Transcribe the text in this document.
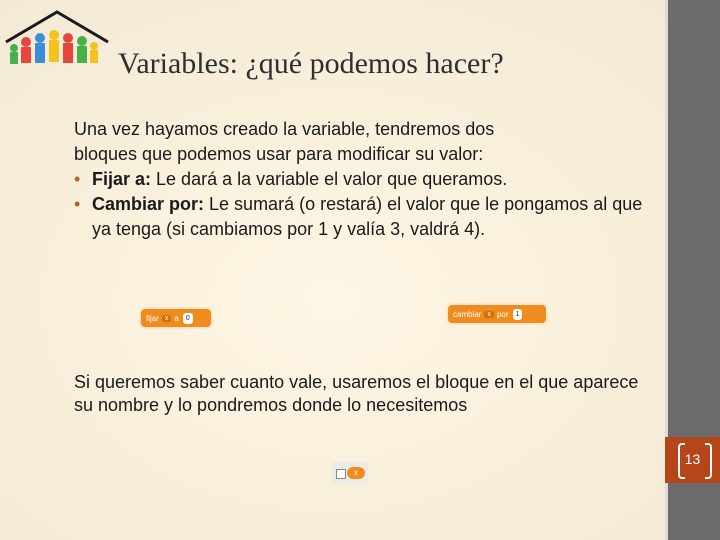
Variables: ¿qué podemos hacer?

Una vez hayamos creado la variable, tendremos dos

bloques que podemos usar para modificar su valor:

• Fijar a: Le dará a la variable el valor que queramos.

• Cambiar por: Le sumará (o restará) el valor que le pongamos al que ya tenga (si cambiamos por 1 y valía 3, valdrá 4).

fijar x a	0	cambiar x por	1
Si queremos saber cuanto vale, usaremos el bloque en el que aparece su nombre y lo pondremos donde lo necesitemos
x
13
